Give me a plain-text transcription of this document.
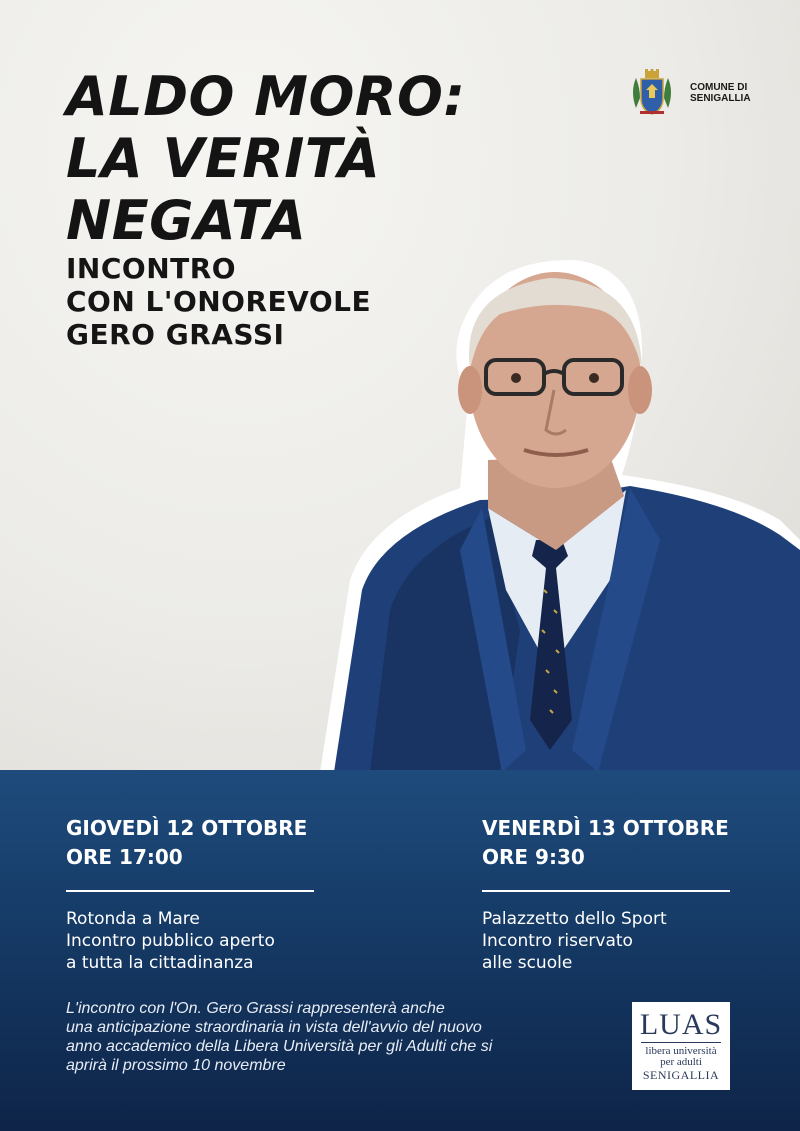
ALDO MORO:
LA VERITÀ
NEGATA
INCONTRO
CON L'ONOREVOLE
GERO GRASSI
COMUNE DI
SENIGALLIA
GIOVEDÌ 12 OTTOBRE
ORE 17:00
Rotonda a Mare
Incontro pubblico aperto
a tutta la cittadinanza
VENERDÌ 13 OTTOBRE
ORE 9:30
Palazzetto dello Sport
Incontro riservato
alle scuole
L'incontro con l'On. Gero Grassi rappresenterà anche
una anticipazione straordinaria in vista dell'avvio del nuovo
anno accademico della Libera Università per gli Adulti che si
aprirà il prossimo 10 novembre
LUAS
libera università
per adulti
SENIGALLIA
